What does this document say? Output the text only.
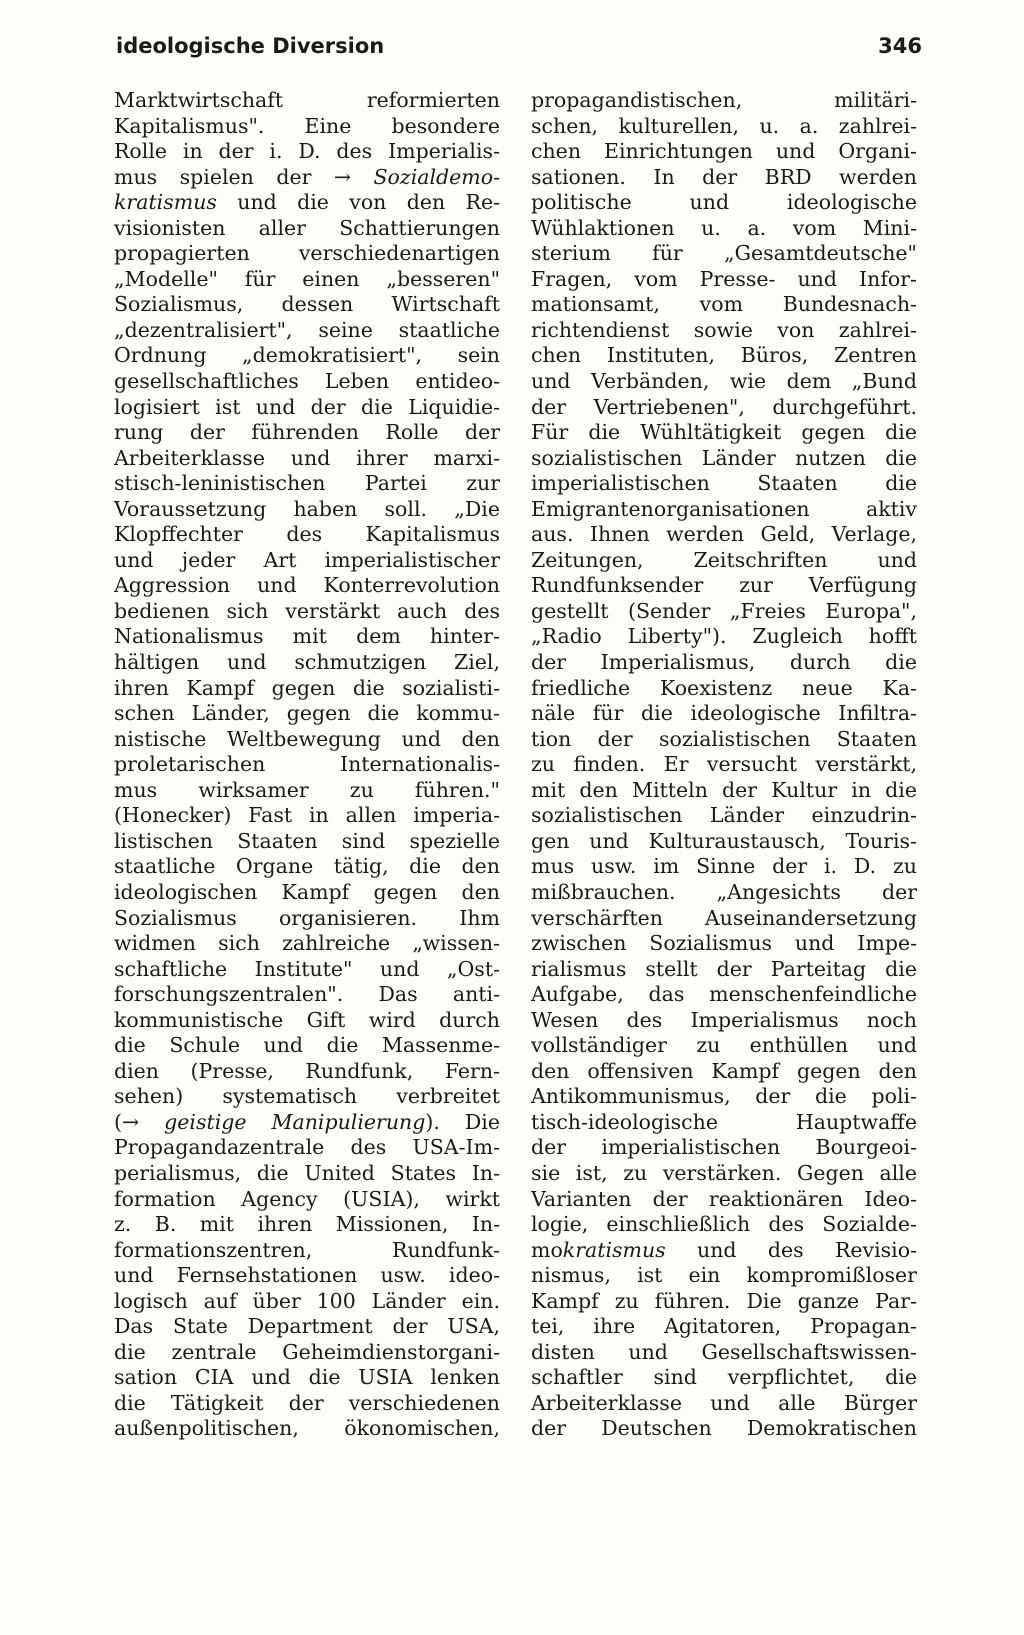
ideologische Diversion	346
Marktwirtschaft reformierten
Kapitalismus". Eine besondere
Rolle in der i. D. des Imperialis-
mus spielen der → Sozialdemo-
kratismus und die von den Re-
visionisten aller Schattierungen
propagierten verschiedenartigen
„Modelle" für einen „besseren"
Sozialismus, dessen Wirtschaft
„dezentralisiert", seine staatliche
Ordnung „demokratisiert", sein
gesellschaftliches Leben entideo-
logisiert ist und der die Liquidie-
rung der führenden Rolle der
Arbeiterklasse und ihrer marxi-
stisch-leninistischen Partei zur
Voraussetzung haben soll. „Die
Klopffechter des Kapitalismus
und jeder Art imperialistischer
Aggression und Konterrevolution
bedienen sich verstärkt auch des
Nationalismus mit dem hinter-
hältigen und schmutzigen Ziel,
ihren Kampf gegen die sozialisti-
schen Länder, gegen die kommu-
nistische Weltbewegung und den
proletarischen Internationalis-
mus wirksamer zu führen."
(Honecker) Fast in allen imperia-
listischen Staaten sind spezielle
staatliche Organe tätig, die den
ideologischen Kampf gegen den
Sozialismus organisieren. Ihm
widmen sich zahlreiche „wissen-
schaftliche Institute" und „Ost-
forschungszentralen". Das anti-
kommunistische Gift wird durch
die Schule und die Massenme-
dien (Presse, Rundfunk, Fern-
sehen) systematisch verbreitet
(→ geistige Manipulierung). Die
Propagandazentrale des USA-Im-
perialismus, die United States In-
formation Agency (USIA), wirkt
z. B. mit ihren Missionen, In-
formationszentren, Rundfunk-
und Fernsehstationen usw. ideo-
logisch auf über 100 Länder ein.
Das State Department der USA,
die zentrale Geheimdienstorgani-
sation CIA und die USIA lenken
die Tätigkeit der verschiedenen
außenpolitischen, ökonomischen,
propagandistischen, militäri-
schen, kulturellen, u. a. zahlrei-
chen Einrichtungen und Organi-
sationen. In der BRD werden
politische und ideologische
Wühlaktionen u. a. vom Mini-
sterium für „Gesamtdeutsche"
Fragen, vom Presse- und Infor-
mationsamt, vom Bundesnach-
richtendienst sowie von zahlrei-
chen Instituten, Büros, Zentren
und Verbänden, wie dem „Bund
der Vertriebenen", durchgeführt.
Für die Wühltätigkeit gegen die
sozialistischen Länder nutzen die
imperialistischen Staaten die
Emigrantenorganisationen aktiv
aus. Ihnen werden Geld, Verlage,
Zeitungen, Zeitschriften und
Rundfunksender zur Verfügung
gestellt (Sender „Freies Europa",
„Radio Liberty"). Zugleich hofft
der Imperialismus, durch die
friedliche Koexistenz neue Ka-
näle für die ideologische Infiltra-
tion der sozialistischen Staaten
zu finden. Er versucht verstärkt,
mit den Mitteln der Kultur in die
sozialistischen Länder einzudrin-
gen und Kulturaustausch, Touris-
mus usw. im Sinne der i. D. zu
mißbrauchen. „Angesichts der
verschärften Auseinandersetzung
zwischen Sozialismus und Impe-
rialismus stellt der Parteitag die
Aufgabe, das menschenfeindliche
Wesen des Imperialismus noch
vollständiger zu enthüllen und
den offensiven Kampf gegen den
Antikommunismus, der die poli-
tisch-ideologische Hauptwaffe
der imperialistischen Bourgeoi-
sie ist, zu verstärken. Gegen alle
Varianten der reaktionären Ideo-
logie, einschließlich des Sozialde-
mokratismus und des Revisio-
nismus, ist ein kompromißloser
Kampf zu führen. Die ganze Par-
tei, ihre Agitatoren, Propagan-
disten und Gesellschaftswissen-
schaftler sind verpflichtet, die
Arbeiterklasse und alle Bürger
der Deutschen Demokratischen
